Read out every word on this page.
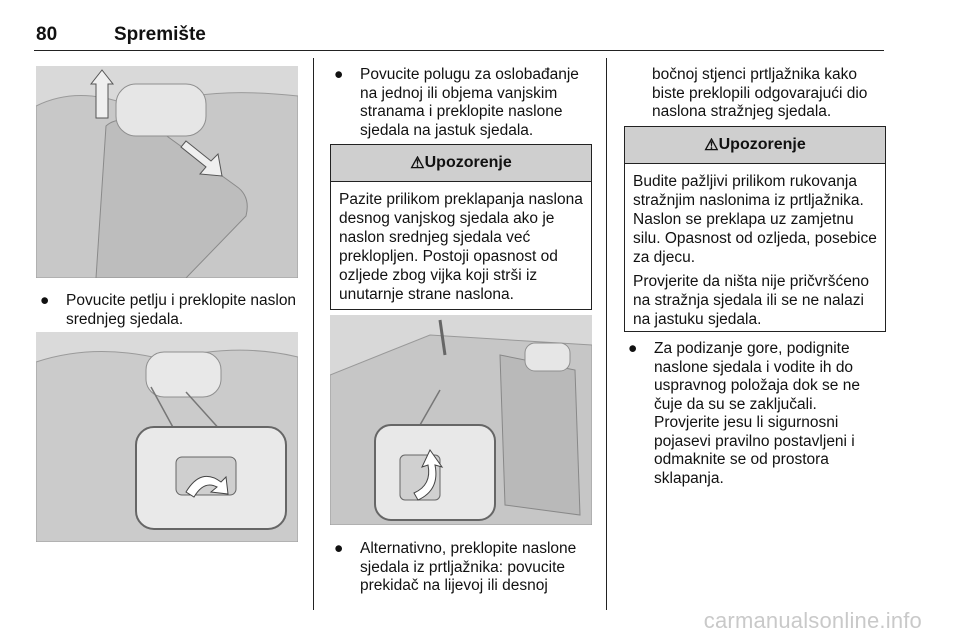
80	Spremište
● Povucite petlju i preklopite naslon srednjeg sjedala.
● Povucite polugu za oslobađanje na jednoj ili objema vanjskim stranama i preklopite naslone sjedala na jastuk sjedala.
⚠ Upozorenje

Pazite prilikom preklapanja naslona desnog vanjskog sjedala ako je naslon srednjeg sjedala već preklopljen. Postoji opasnost od ozljede zbog vijka koji strši iz unutarnje strane naslona.

● Alternativno, preklopite naslone sjedala iz prtljažnika: povucite prekidač na lijevoj ili desnoj
bočnoj stjenci prtljažnika kako biste preklopili odgovarajući dio naslona stražnjeg sjedala.
⚠ Upozorenje

Budite pažljivi prilikom rukovanja stražnjim naslonima iz prtljažnika. Naslon se preklapa uz zamjetnu silu. Opasnost od ozljeda, posebice za djecu.

Provjerite da ništa nije pričvršćeno na stražnja sjedala ili se ne nalazi na jastuku sjedala.

● Za podizanje gore, podignite naslone sjedala i vodite ih do uspravnog položaja dok se ne čuje da su se zaključali. Provjerite jesu li sigurnosni pojasevi pravilno postavljeni i odmaknite se od prostora sklapanja.
carmanualsonline.info
